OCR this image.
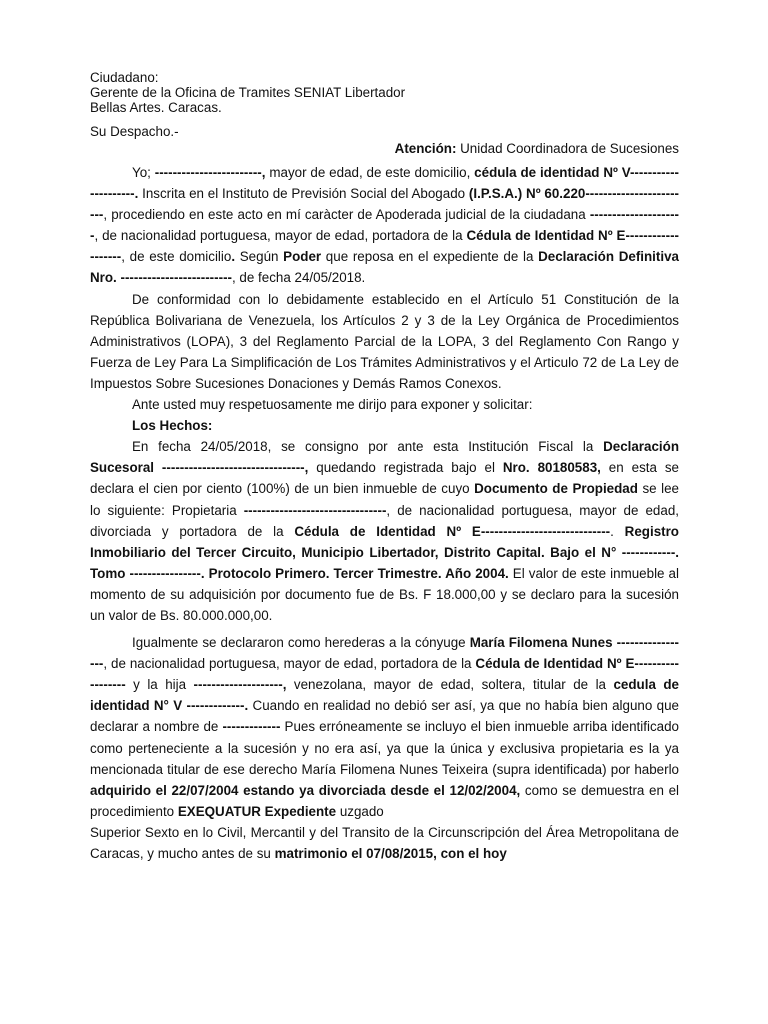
Ciudadano:
Gerente de la Oficina de Tramites SENIAT Libertador
Bellas Artes. Caracas.
Su Despacho.-
Atención: Unidad Coordinadora de Sucesiones

Yo; ------------------------, mayor de edad, de este domicilio, cédula de identidad Nº V---------------------. Inscrita en el Instituto de Previsión Social del Abogado (I.P.S.A.) Nº 60.220------------------------, procediendo en este acto en mí caràcter de Apoderada judicial de la ciudadana ---------------------, de nacionalidad portuguesa, mayor de edad, portadora de la Cédula de Identidad Nº E-------------------, de este domicilio. Según Poder que reposa en el expediente de la Declaración Definitiva Nro. -------------------------, de fecha 24/05/2018.

De conformidad con lo debidamente establecido en el Artículo 51 Constitución de la República Bolivariana de Venezuela, los Artículos 2 y 3 de la Ley Orgánica de Procedimientos Administrativos (LOPA), 3 del Reglamento Parcial de la LOPA, 3 del Reglamento Con Rango y Fuerza de Ley Para La Simplificación de Los Trámites Administrativos y el Articulo 72 de La Ley de Impuestos Sobre Sucesiones Donaciones y Demás Ramos Conexos.

Ante usted muy respetuosamente me dirijo para exponer y solicitar:

Los Hechos:

En fecha 24/05/2018, se consigno por ante esta Institución Fiscal la Declaración Sucesoral --------------------------------, quedando registrada bajo el Nro. 80180583, en esta se declara el cien por ciento (100%) de un bien inmueble de cuyo Documento de Propiedad se lee lo siguiente: Propietaria --------------------------------, de nacionalidad portuguesa, mayor de edad, divorciada y portadora de la Cédula de Identidad Nº E-----------------------------. Registro Inmobiliario del Tercer Circuito, Municipio Libertador, Distrito Capital. Bajo el N° ------------. Tomo ----------------. Protocolo Primero. Tercer Trimestre. Año 2004. El valor de este inmueble al momento de su adquisición por documento fue de Bs. F 18.000,00 y se declaro para la sucesión un valor de Bs. 80.000.000,00.

Igualmente se declararon como herederas a la cónyuge María Filomena Nunes -----------------, de nacionalidad portuguesa, mayor de edad, portadora de la Cédula de Identidad Nº E------------------ y la hija --------------------, venezolana, mayor de edad, soltera, titular de la cedula de identidad N° V -------------. Cuando en realidad no debió ser así, ya que no había bien alguno que declarar a nombre de ------------- Pues erróneamente se incluyo el bien inmueble arriba identificado como perteneciente a la sucesión y no era así, ya que la única y exclusiva propietaria es la ya mencionada titular de ese derecho María Filomena Nunes Teixeira (supra identificada) por haberlo adquirido el 22/07/2004 estando ya divorciada desde el 12/02/2004, como se demuestra en el procedimiento EXEQUATUR Expediente uzgado

Superior Sexto en lo Civil, Mercantil y del Transito de la Circunscripción del Área Metropolitana de Caracas, y mucho antes de su matrimonio el 07/08/2015, con el hoy
